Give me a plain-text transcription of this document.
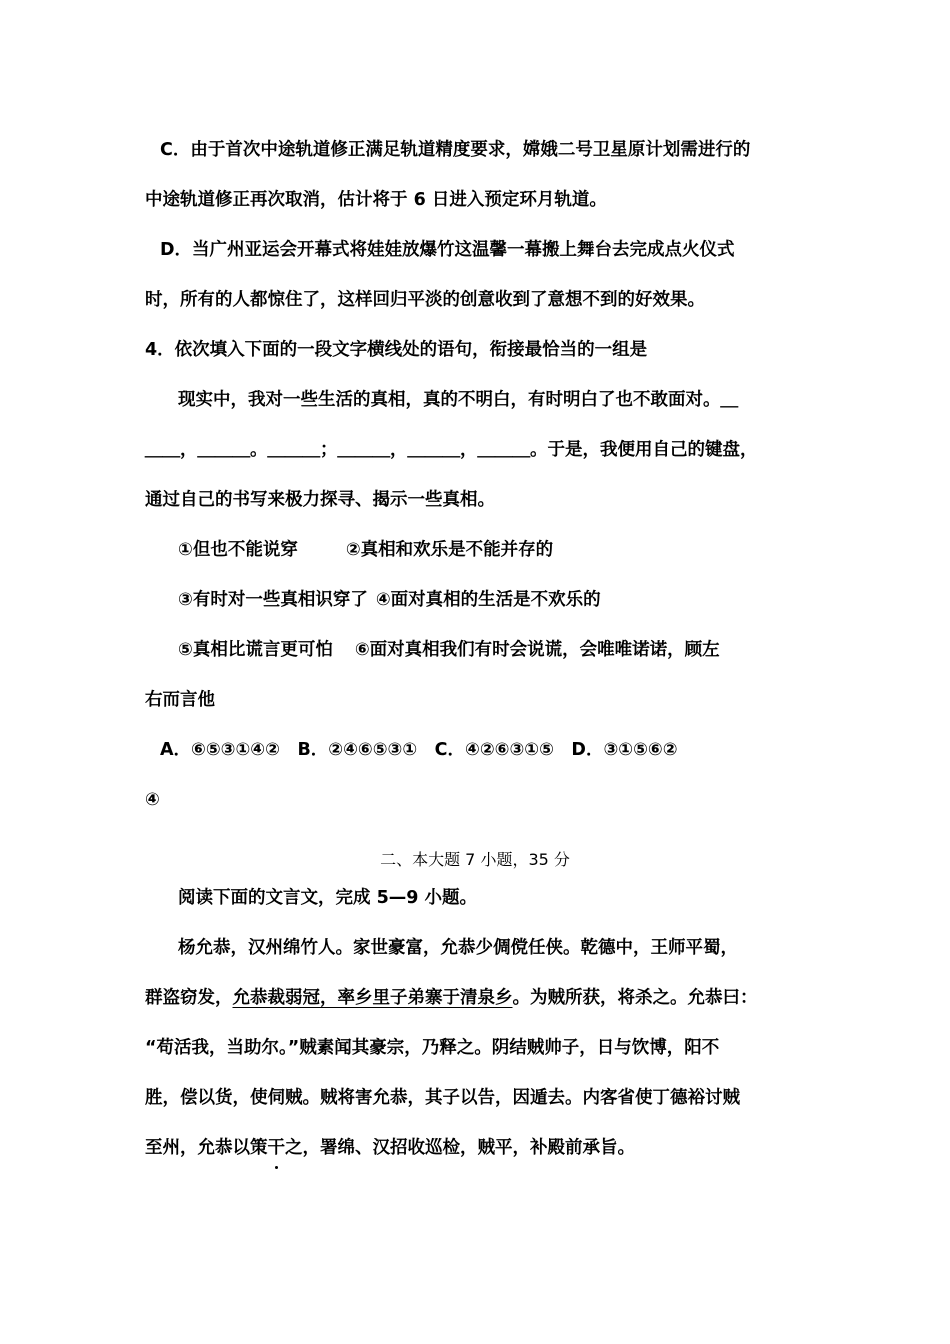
C．由于首次中途轨道修正满足轨道精度要求，嫦娥二号卫星原计划需进行的
中途轨道修正再次取消，估计将于 6 日进入预定环月轨道。
D．当广州亚运会开幕式将娃娃放爆竹这温馨一幕搬上舞台去完成点火仪式
时，所有的人都惊住了，这样回归平淡的创意收到了意想不到的好效果。
4．依次填入下面的一段文字横线处的语句，衔接最恰当的一组是
现实中，我对一些生活的真相，真的不明白，有时明白了也不敢面对。＿
＿＿，＿＿＿。＿＿＿；＿＿＿，＿＿＿，＿＿＿。于是，我便用自己的键盘，
通过自己的书写来极力探寻、揭示一些真相。
①但也不能说穿	②真相和欢乐是不能并存的
③有时对一些真相识穿了 ④面对真相的生活是不欢乐的
⑤真相比谎言更可怕 ⑥面对真相我们有时会说谎，会唯唯诺诺，顾左
右而言他
A．⑥⑤③①④②　B．②④⑥⑤③①　C．④②⑥③①⑤　D．③①⑤⑥②
④
二、本大题 7 小题，35 分
阅读下面的文言文，完成 5—9 小题。
杨允恭，汉州绵竹人。家世豪富，允恭少倜傥任侠。乾德中，王师平蜀，
群盗窃发，允恭裁弱冠，率乡里子弟寨于清泉乡。为贼所获，将杀之。允恭曰：
“苟活我，当助尔。”贼素闻其豪宗，乃释之。阴结贼帅子，日与饮博，阳不
胜，偿以货，使伺贼。贼将害允恭，其子以告，因遁去。内客省使丁德裕讨贼
至州，允恭以策干
之，署绵、汉招收巡检，贼平，补殿前承旨。
